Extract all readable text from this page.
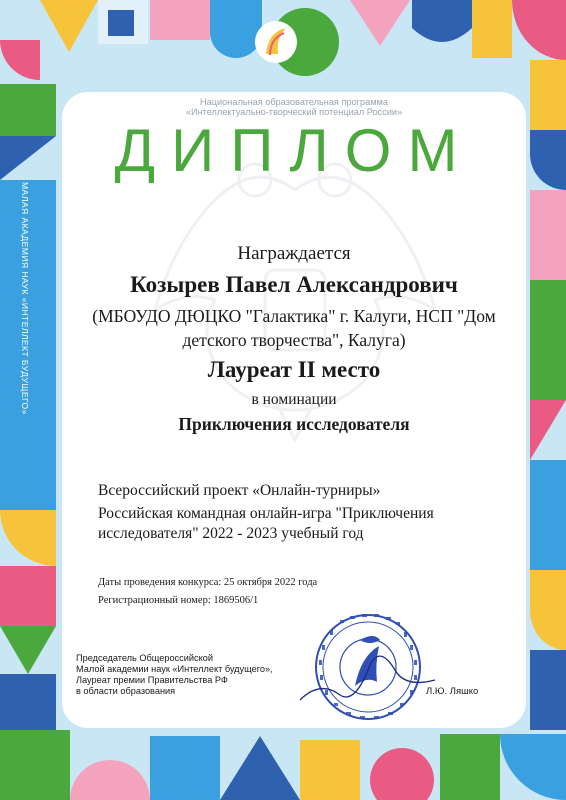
МАЛАЯ АКАДЕМИЯ НАУК «ИНТЕЛЛЕКТ БУДУЩЕГО»
Национальная образовательная программа
«Интеллектуально-творческий потенциал России»
ДИПЛОМ
Награждается
Козырев Павел Александрович
(МБОУДО ДЮЦКО "Галактика" г. Калуги, НСП "Дом
детского творчества", Калуга)
Лауреат II место
в номинации
Приключения исследователя
Всероссийский проект «Онлайн-турниры»
Российская командная онлайн-игра "Приключения
исследователя" 2022 - 2023 учебный год
Даты проведения конкурса: 25 октября 2022 года
Регистрационный номер: 1869506/1
Председатель Общероссийской
Малой академии наук «Интеллект будущего»,
Лауреат премии Правительства РФ
в области образования	Л.Ю. Ляшко
